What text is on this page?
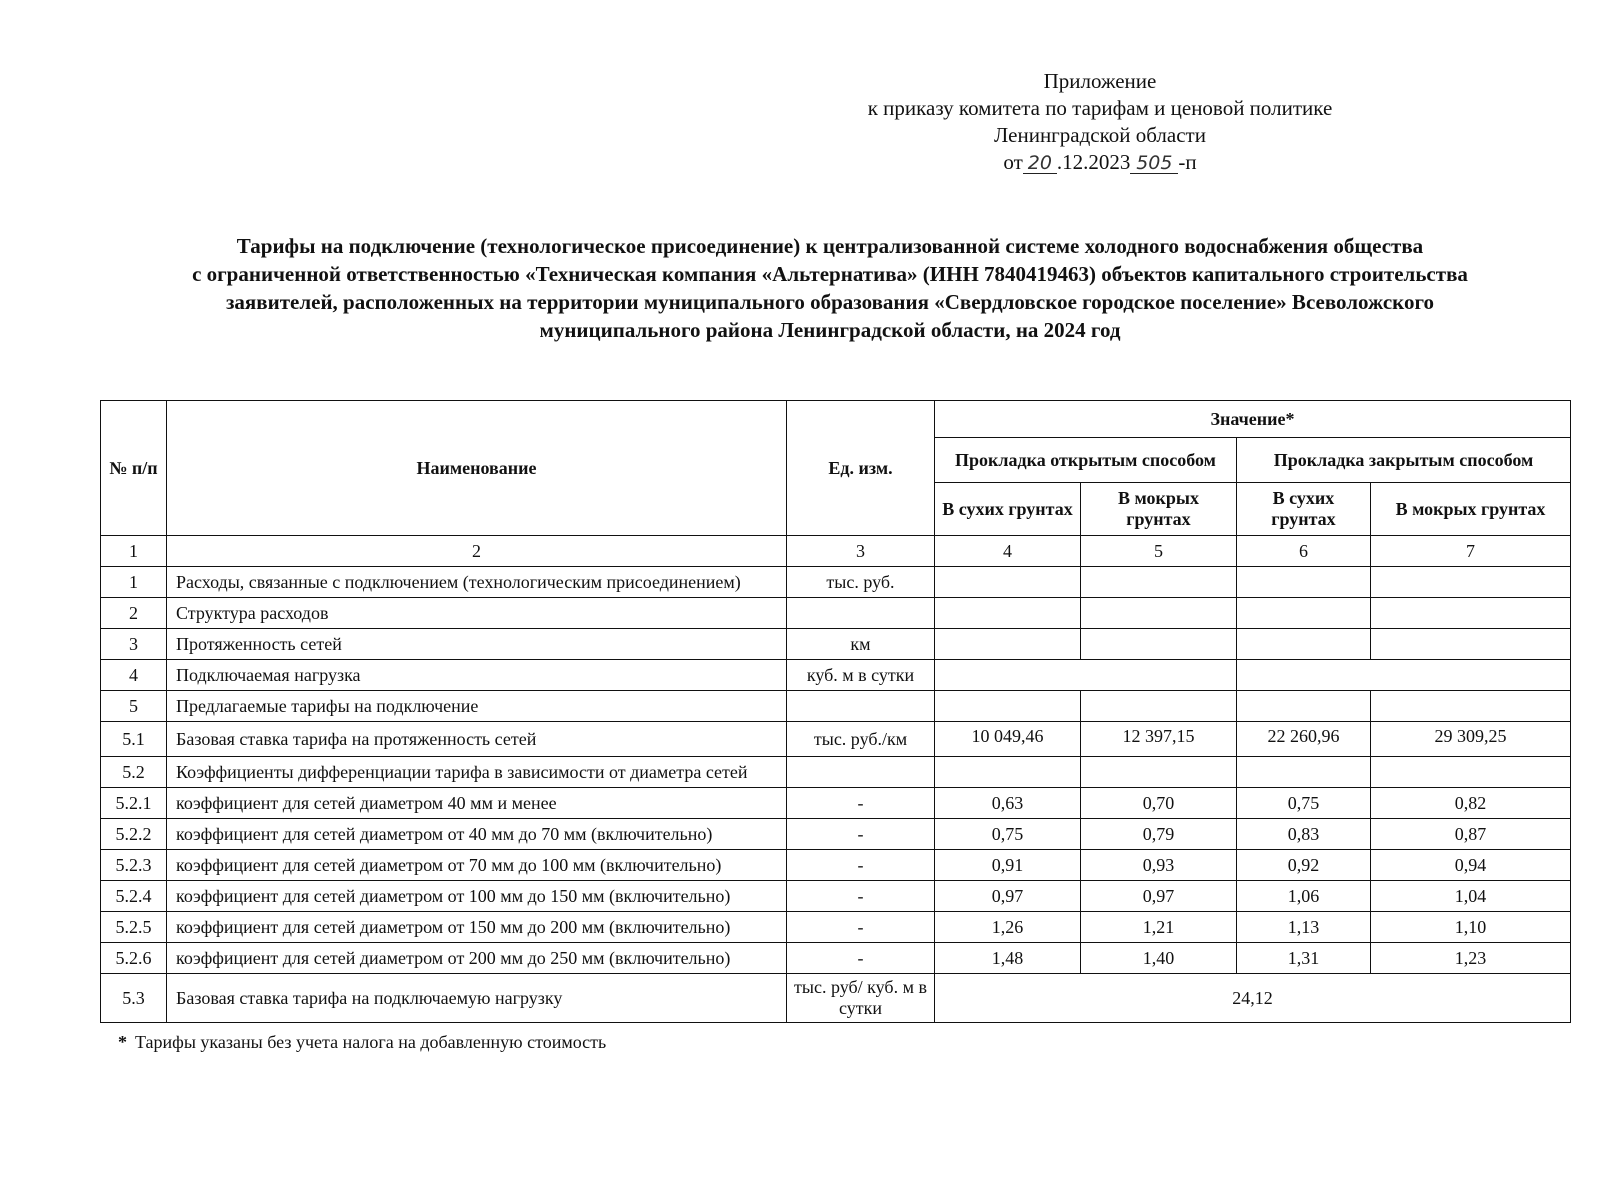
Приложение
к приказу комитета по тарифам и ценовой политике
Ленинградской области
от 20 .12.2023 505 -п
Тарифы на подключение (технологическое присоединение) к централизованной системе холодного водоснабжения общества
с ограниченной ответственностью «Техническая компания «Альтернатива» (ИНН 7840419463) объектов капитального строительства
заявителей, расположенных на территории муниципального образования «Свердловское городское поселение» Всеволожского
муниципального района Ленинградской области, на 2024 год
№ п/п	Наименование	Ед. изм.	Значение*			
			Прокладка открытым способом		Прокладка закрытым способом	
			В сухих грунтах	В мокрых грунтах	В сухих грунтах	В мокрых грунтах
1	2	3	4	5	6	7
1	Расходы, связанные с подключением (технологическим присоединением)	тыс. руб.				
2	Структура расходов					
3	Протяженность сетей	км				
4	Подключаемая нагрузка	куб. м в сутки				
5	Предлагаемые тарифы на подключение					
5.1	Базовая ставка тарифа на протяженность сетей	тыс. руб./км	10 049,46	12 397,15	22 260,96	29 309,25
5.2	Коэффициенты дифференциации тарифа в зависимости от диаметра сетей					
5.2.1	коэффициент для сетей диаметром 40 мм и менее	-	0,63	0,70	0,75	0,82
5.2.2	коэффициент для сетей диаметром от 40 мм до 70 мм (включительно)	-	0,75	0,79	0,83	0,87
5.2.3	коэффициент для сетей диаметром от 70 мм до 100 мм (включительно)	-	0,91	0,93	0,92	0,94
5.2.4	коэффициент для сетей диаметром от 100 мм до 150 мм (включительно)	-	0,97	0,97	1,06	1,04
5.2.5	коэффициент для сетей диаметром от 150 мм до 200 мм (включительно)	-	1,26	1,21	1,13	1,10
5.2.6	коэффициент для сетей диаметром от 200 мм до 250 мм (включительно)	-	1,48	1,40	1,31	1,23
5.3	Базовая ставка тарифа на подключаемую нагрузку	тыс. руб/ куб. м в сутки	24,12			
* Тарифы указаны без учета налога на добавленную стоимость
